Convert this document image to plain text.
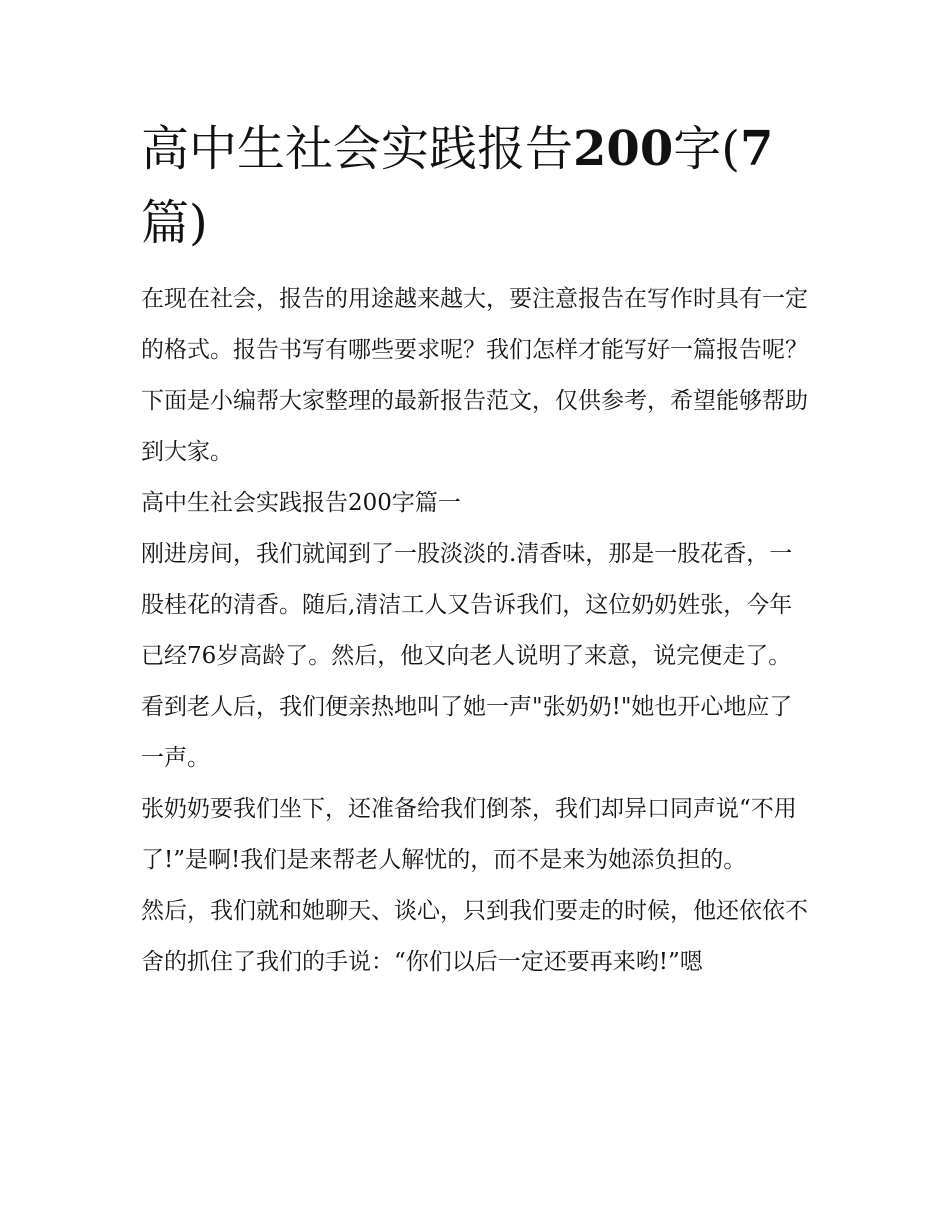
高中生社会实践报告200字(7篇)

在现在社会，报告的用途越来越大，要注意报告在写作时具有一定的格式。报告书写有哪些要求呢？我们怎样才能写好一篇报告呢？下面是小编帮大家整理的最新报告范文，仅供参考，希望能够帮助到大家。

高中生社会实践报告200字篇一

刚进房间，我们就闻到了一股淡淡的.清香味，那是一股花香，一股桂花的清香。随后,清洁工人又告诉我们，这位奶奶姓张，今年已经76岁高龄了。然后，他又向老人说明了来意，说完便走了。

看到老人后，我们便亲热地叫了她一声"张奶奶!"她也开心地应了一声。

张奶奶要我们坐下，还准备给我们倒茶，我们却异口同声说“不用了!”是啊!我们是来帮老人解忧的，而不是来为她添负担的。

然后，我们就和她聊天、谈心，只到我们要走的时候，他还依依不舍的抓住了我们的手说：“你们以后一定还要再来哟!”嗯
